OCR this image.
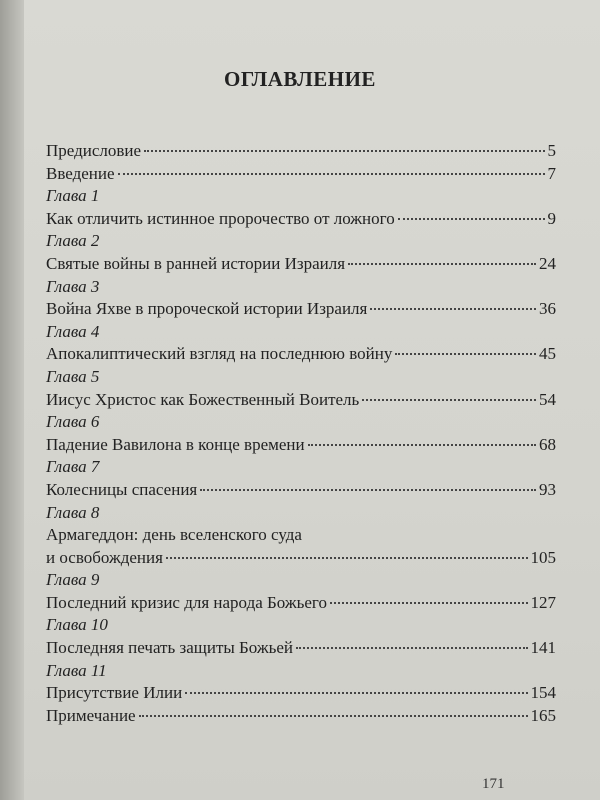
ОГЛАВЛЕНИЕ
Предисловие	5
Введение	7
Глава 1
Как отличить истинное пророчество от ложного	9
Глава 2
Святые войны в ранней истории Израиля	24
Глава 3
Война Яхве в пророческой истории Израиля	36
Глава 4
Апокалиптический взгляд на последнюю войну	45
Глава 5
Иисус Христос как Божественный Воитель	54
Глава 6
Падение Вавилона в конце времени	68
Глава 7
Колесницы спасения	93
Глава 8
Армагеддон: день вселенского суда
и освобождения	105
Глава 9
Последний кризис для народа Божьего	127
Глава 10
Последняя печать защиты Божьей	141
Глава 11
Присутствие Илии	154
Примечание	165
171
